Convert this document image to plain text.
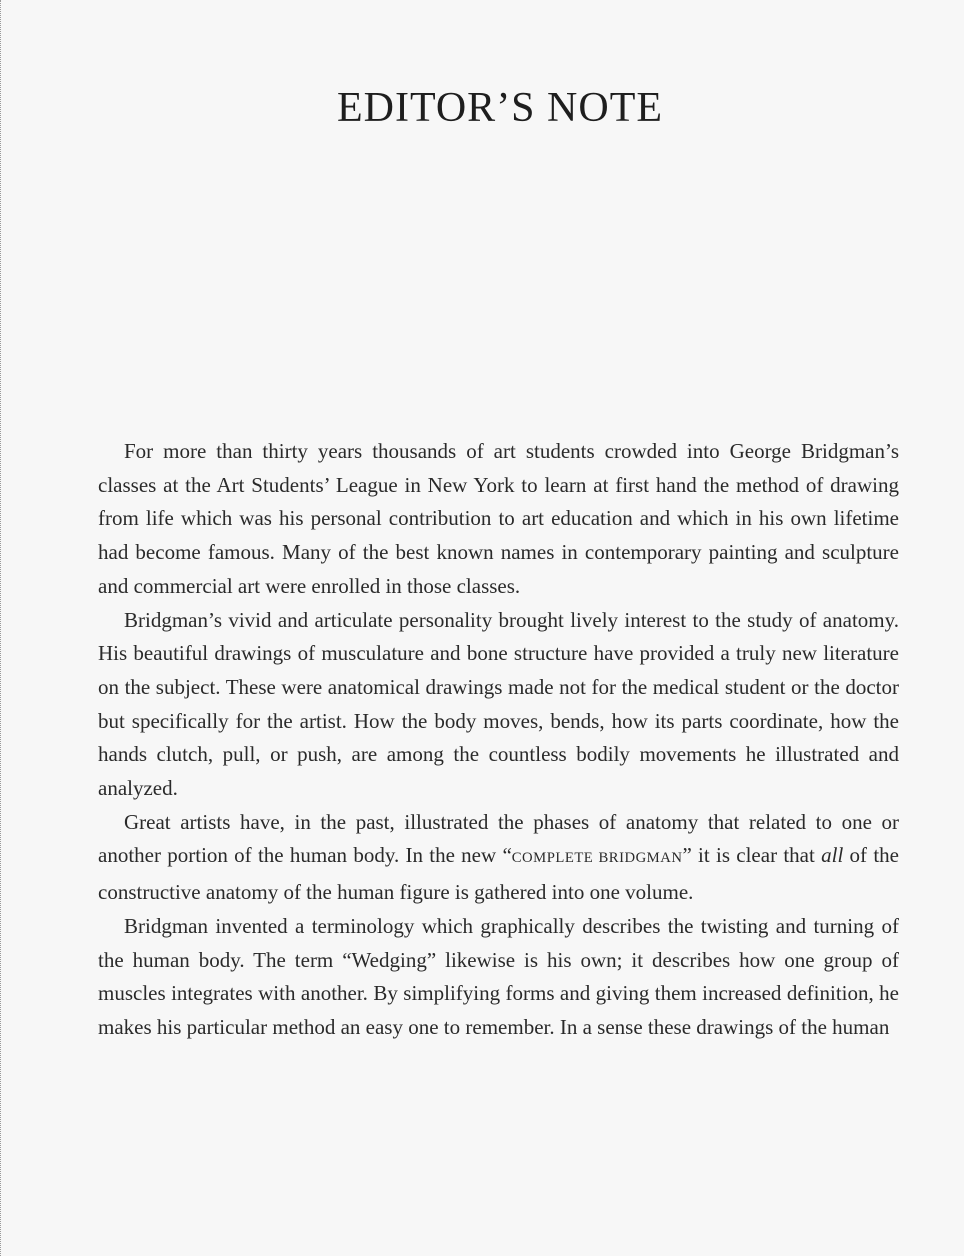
EDITOR’S NOTE

For more than thirty years thousands of art students crowded into George Bridgman’s classes at the Art Students’ League in New York to learn at first hand the method of drawing from life which was his personal contribution to art education and which in his own lifetime had become famous. Many of the best known names in contemporary painting and sculpture and commercial art were enrolled in those classes.

Bridgman’s vivid and articulate personality brought lively interest to the study of anatomy. His beautiful drawings of musculature and bone structure have provided a truly new literature on the subject. These were anatomical drawings made not for the medical student or the doctor but specifically for the artist. How the body moves, bends, how its parts coordinate, how the hands clutch, pull, or push, are among the countless bodily movements he illustrated and analyzed.

Great artists have, in the past, illustrated the phases of anatomy that related to one or another portion of the human body. In the new “COMPLETE BRIDGMAN” it is clear that all of the constructive anatomy of the human figure is gathered into one volume.

Bridgman invented a terminology which graphically describes the twisting and turning of the human body. The term “Wedging” likewise is his own; it describes how one group of muscles integrates with another. By simplifying forms and giving them increased definition, he makes his particular method an easy one to remember. In a sense these drawings of the human
